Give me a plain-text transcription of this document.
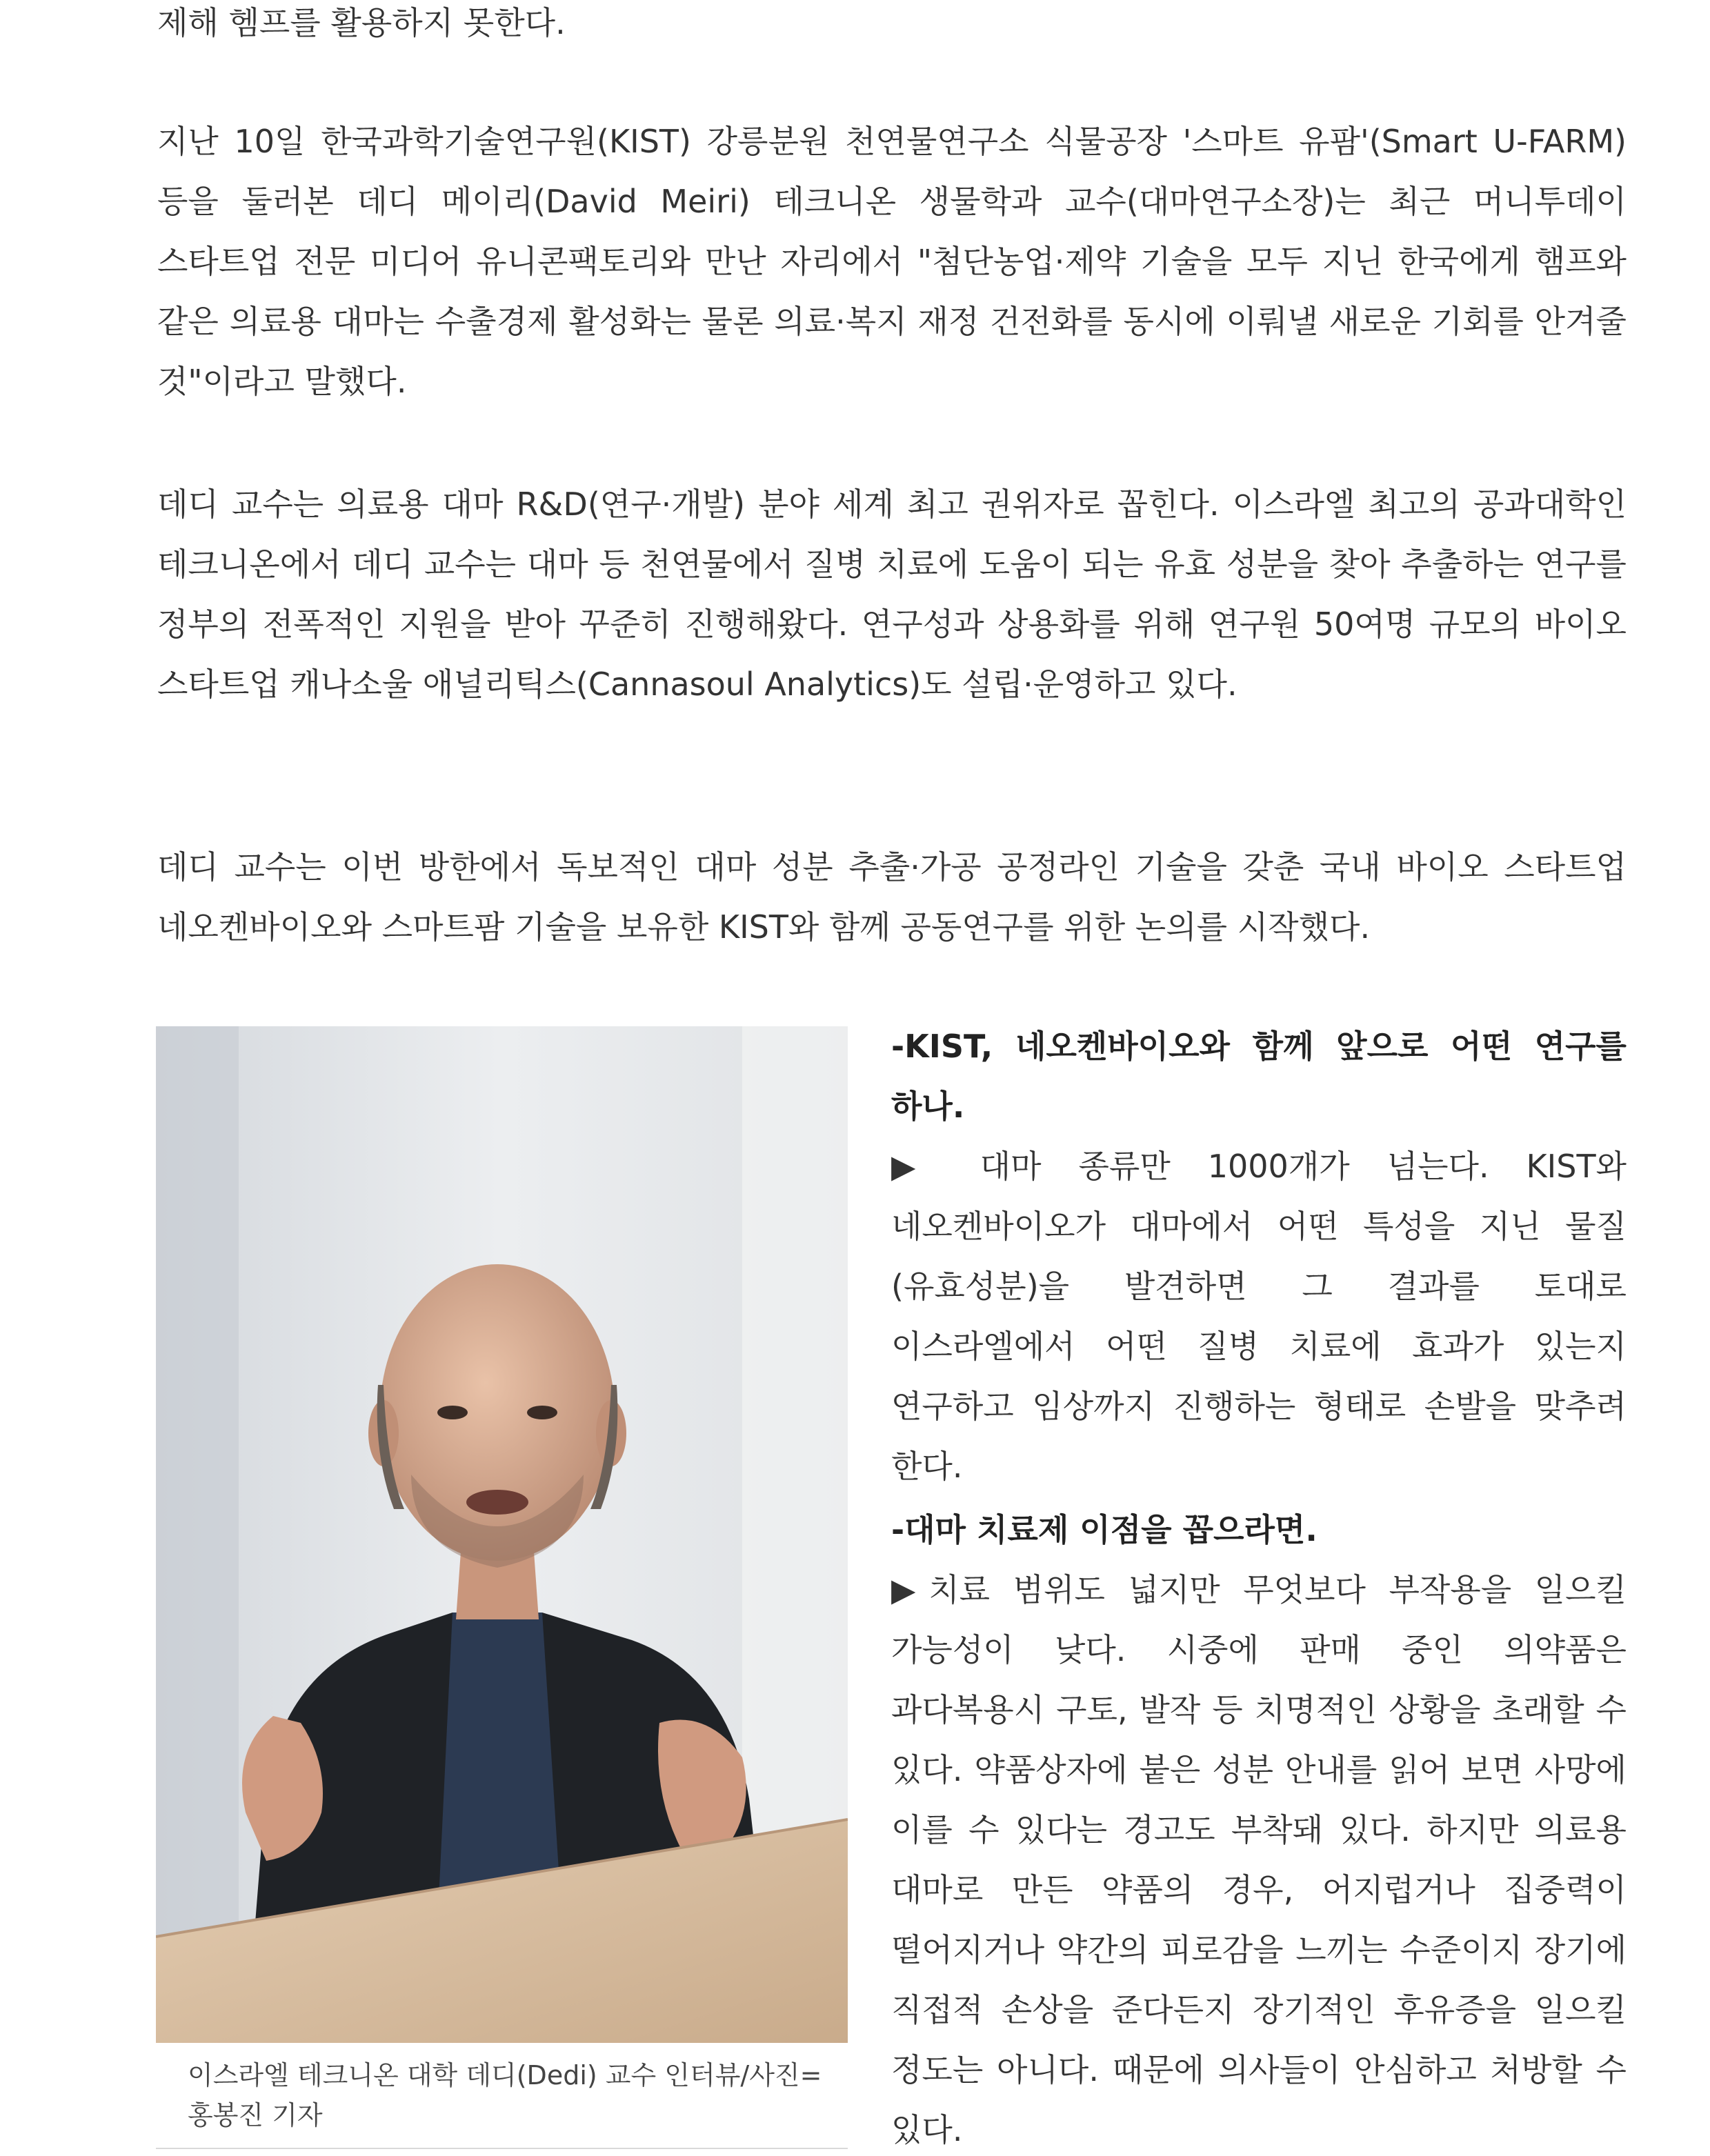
제해 헴프를 활용하지 못한다.

지난 10일 한국과학기술연구원(KIST) 강릉분원 천연물연구소 식물공장 '스마트 유팜'(Smart U-FARM) 등을 둘러본 데디 메이리(David Meiri) 테크니온 생물학과 교수(대마연구소장)는 최근 머니투데이 스타트업 전문 미디어 유니콘팩토리와 만난 자리에서 "첨단농업·제약 기술을 모두 지닌 한국에게 햄프와 같은 의료용 대마는 수출경제 활성화는 물론 의료·복지 재정 건전화를 동시에 이뤄낼 새로운 기회를 안겨줄 것"이라고 말했다.

데디 교수는 의료용 대마 R&D(연구·개발) 분야 세계 최고 권위자로 꼽힌다. 이스라엘 최고의 공과대학인 테크니온에서 데디 교수는 대마 등 천연물에서 질병 치료에 도움이 되는 유효 성분을 찾아 추출하는 연구를 정부의 전폭적인 지원을 받아 꾸준히 진행해왔다. 연구성과 상용화를 위해 연구원 50여명 규모의 바이오 스타트업 캐나소울 애널리틱스(Cannasoul Analytics)도 설립·운영하고 있다.

데디 교수는 이번 방한에서 독보적인 대마 성분 추출·가공 공정라인 기술을 갖춘 국내 바이오 스타트업 네오켄바이오와 스마트팜 기술을 보유한 KIST와 함께 공동연구를 위한 논의를 시작했다.

이스라엘 테크니온 대학 데디(Dedi) 교수 인터뷰/사진=홍봉진 기자

-KIST, 네오켄바이오와 함께 앞으로 어떤 연구를 하나.

▶ 대마 종류만 1000개가 넘는다. KIST와 네오켄바이오가 대마에서 어떤 특성을 지닌 물질(유효성분)을 발견하면 그 결과를 토대로 이스라엘에서 어떤 질병 치료에 효과가 있는지 연구하고 임상까지 진행하는 형태로 손발을 맞추려 한다.

-대마 치료제 이점을 꼽으라면.

▶치료 범위도 넓지만 무엇보다 부작용을 일으킬 가능성이 낮다. 시중에 판매 중인 의약품은 과다복용시 구토, 발작 등 치명적인 상황을 초래할 수 있다. 약품상자에 붙은 성분 안내를 읽어 보면 사망에 이를 수 있다는 경고도 부착돼 있다. 하지만 의료용 대마로 만든 약품의 경우, 어지럽거나 집중력이 떨어지거나 약간의 피로감을 느끼는 수준이지 장기에 직접적 손상을 준다든지 장기적인 후유증을 일으킬 정도는 아니다. 때문에 의사들이 안심하고 처방할 수 있다.
